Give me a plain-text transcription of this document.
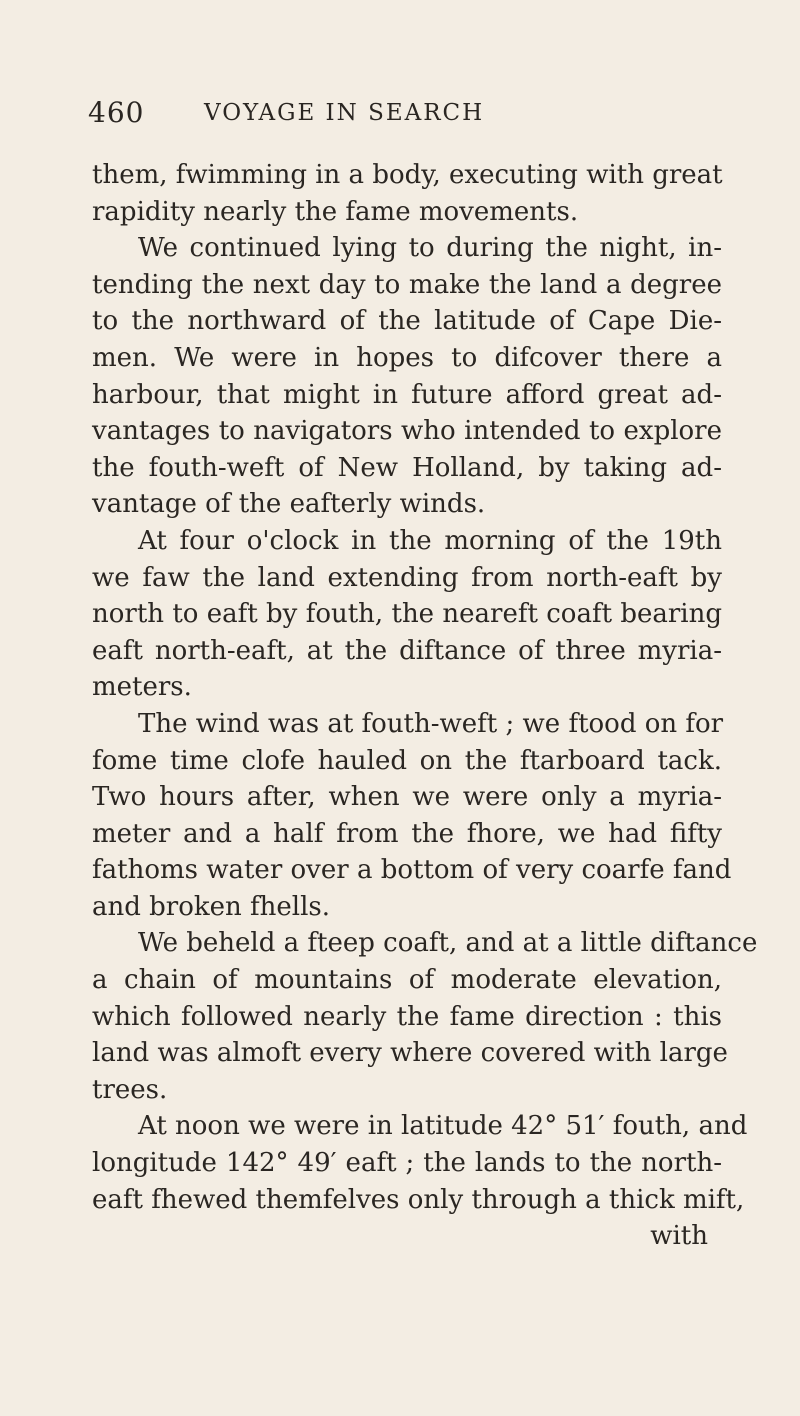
460	VOYAGE IN SEARCH
them, fwimming in a body, executing with great
rapidity nearly the fame movements.
We continued lying to during the night, in-
tending the next day to make the land a degree
to the northward of the latitude of Cape Die-
men. We were in hopes to difcover there a
harbour, that might in future afford great ad-
vantages to navigators who intended to explore
the fouth-weft of New Holland, by taking ad-
vantage of the eafterly winds.
At four o'clock in the morning of the 19th
we faw the land extending from north-eaft by
north to eaft by fouth, the neareft coaft bearing
eaft north-eaft, at the diftance of three myria-
meters.
The wind was at fouth-weft ; we ftood on for
fome time clofe hauled on the ftarboard tack.
Two hours after, when we were only a myria-
meter and a half from the fhore, we had fifty
fathoms water over a bottom of very coarfe fand
and broken fhells.
We beheld a fteep coaft, and at a little diftance
a chain of mountains of moderate elevation,
which followed nearly the fame direction : this
land was almoft every where covered with large
trees.
At noon we were in latitude 42° 51′ fouth, and
longitude 142° 49′ eaft ; the lands to the north-
eaft fhewed themfelves only through a thick mift,
with
